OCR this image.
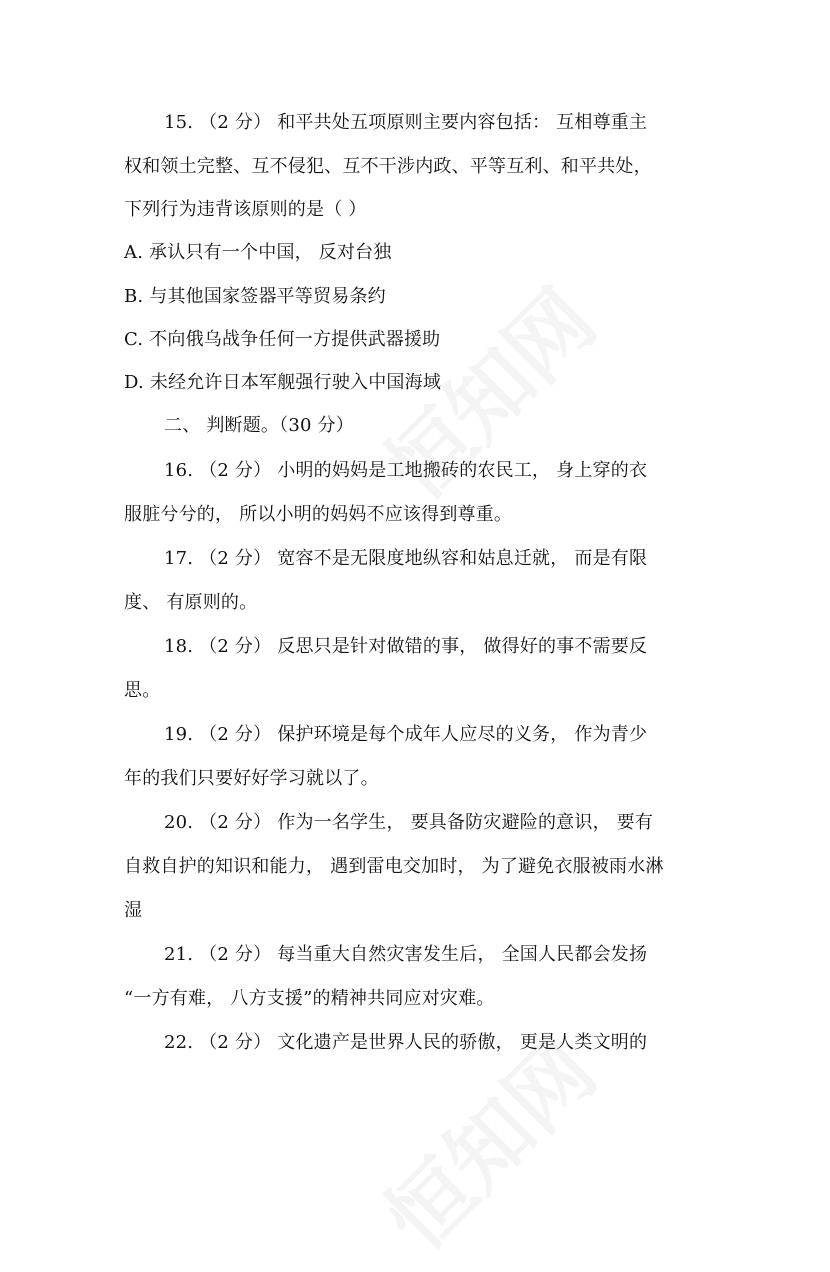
15. （2 分） 和平共处五项原则主要内容包括： 互相尊重主
权和领土完整、互不侵犯、互不干涉内政、平等互利、和平共处，
下列行为违背该原则的是（ ）
A. 承认只有一个中国， 反对台独
B. 与其他国家签器平等贸易条约
C. 不向俄乌战争任何一方提供武器援助
D. 未经允许日本军舰强行驶入中国海域
二、 判断题。（30 分）
16. （2 分） 小明的妈妈是工地搬砖的农民工， 身上穿的衣
服脏兮兮的， 所以小明的妈妈不应该得到尊重。
17. （2 分） 宽容不是无限度地纵容和姑息迁就， 而是有限
度、 有原则的。
18. （2 分） 反思只是针对做错的事， 做得好的事不需要反
思。
19. （2 分） 保护环境是每个成年人应尽的义务， 作为青少
年的我们只要好好学习就以了。
20. （2 分） 作为一名学生， 要具备防灾避险的意识， 要有
自救自护的知识和能力， 遇到雷电交加时， 为了避免衣服被雨水淋
湿
21. （2 分） 每当重大自然灾害发生后， 全国人民都会发扬
“一方有难， 八方支援”的精神共同应对灾难。
22. （2 分） 文化遗产是世界人民的骄傲， 更是人类文明的
